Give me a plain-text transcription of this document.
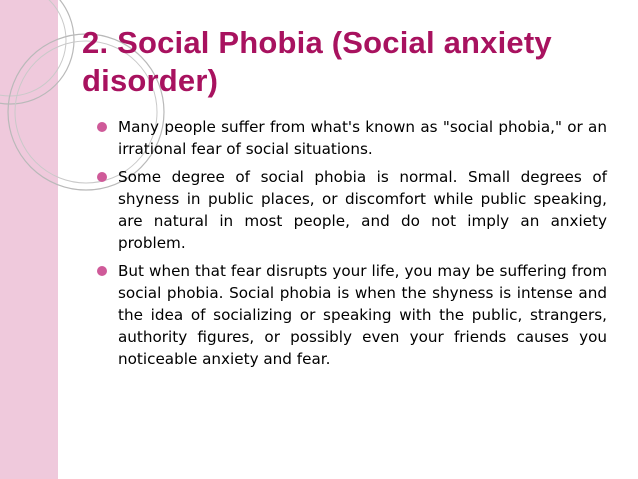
2. Social Phobia (Social anxiety disorder)
Many people suffer from what's known as "social phobia," or an irrational fear of social situations.
Some degree of social phobia is normal. Small degrees of shyness in public places, or discomfort while public speaking, are natural in most people, and do not imply an anxiety problem.
But when that fear disrupts your life, you may be suffering from social phobia. Social phobia is when the shyness is intense and the idea of socializing or speaking with the public, strangers, authority figures, or possibly even your friends causes you noticeable anxiety and fear.
